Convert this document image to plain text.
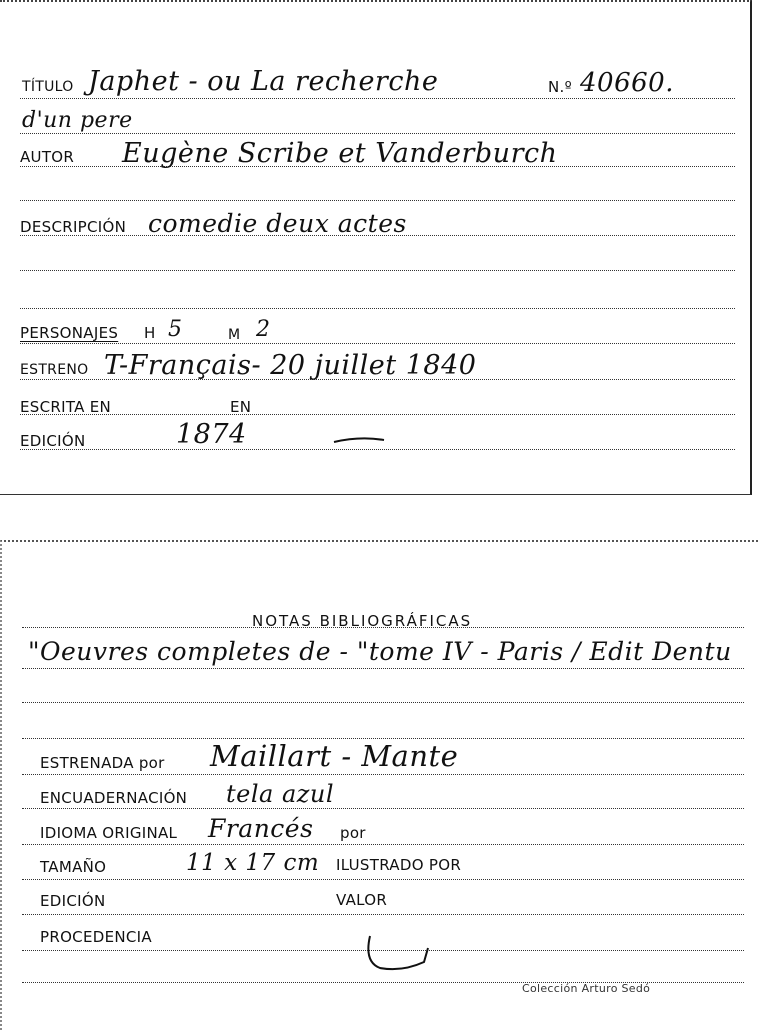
TÍTULO Japhet - ou La recherche	N.º 40660.
d'un pere
AUTOR Eugène Scribe et Vanderburch
DESCRIPCIÓN comedie deux actes
PERSONAJES H 5	M 2
ESTRENO T-Français- 20 juillet 1840
ESCRITA EN	EN
EDICIÓN	1874
NOTAS BIBLIOGRÁFICAS
"Oeuvres completes de - "tome IV - Paris / Edit Dentu
ESTRENADA por Maillart - Mante
ENCUADERNACIÓN tela azul
IDIOMA ORIGINAL Francés por
TAMAÑO	11 x 17 cm ILUSTRADO POR
EDICIÓN	VALOR
PROCEDENCIA
Colección Arturo Sedó
